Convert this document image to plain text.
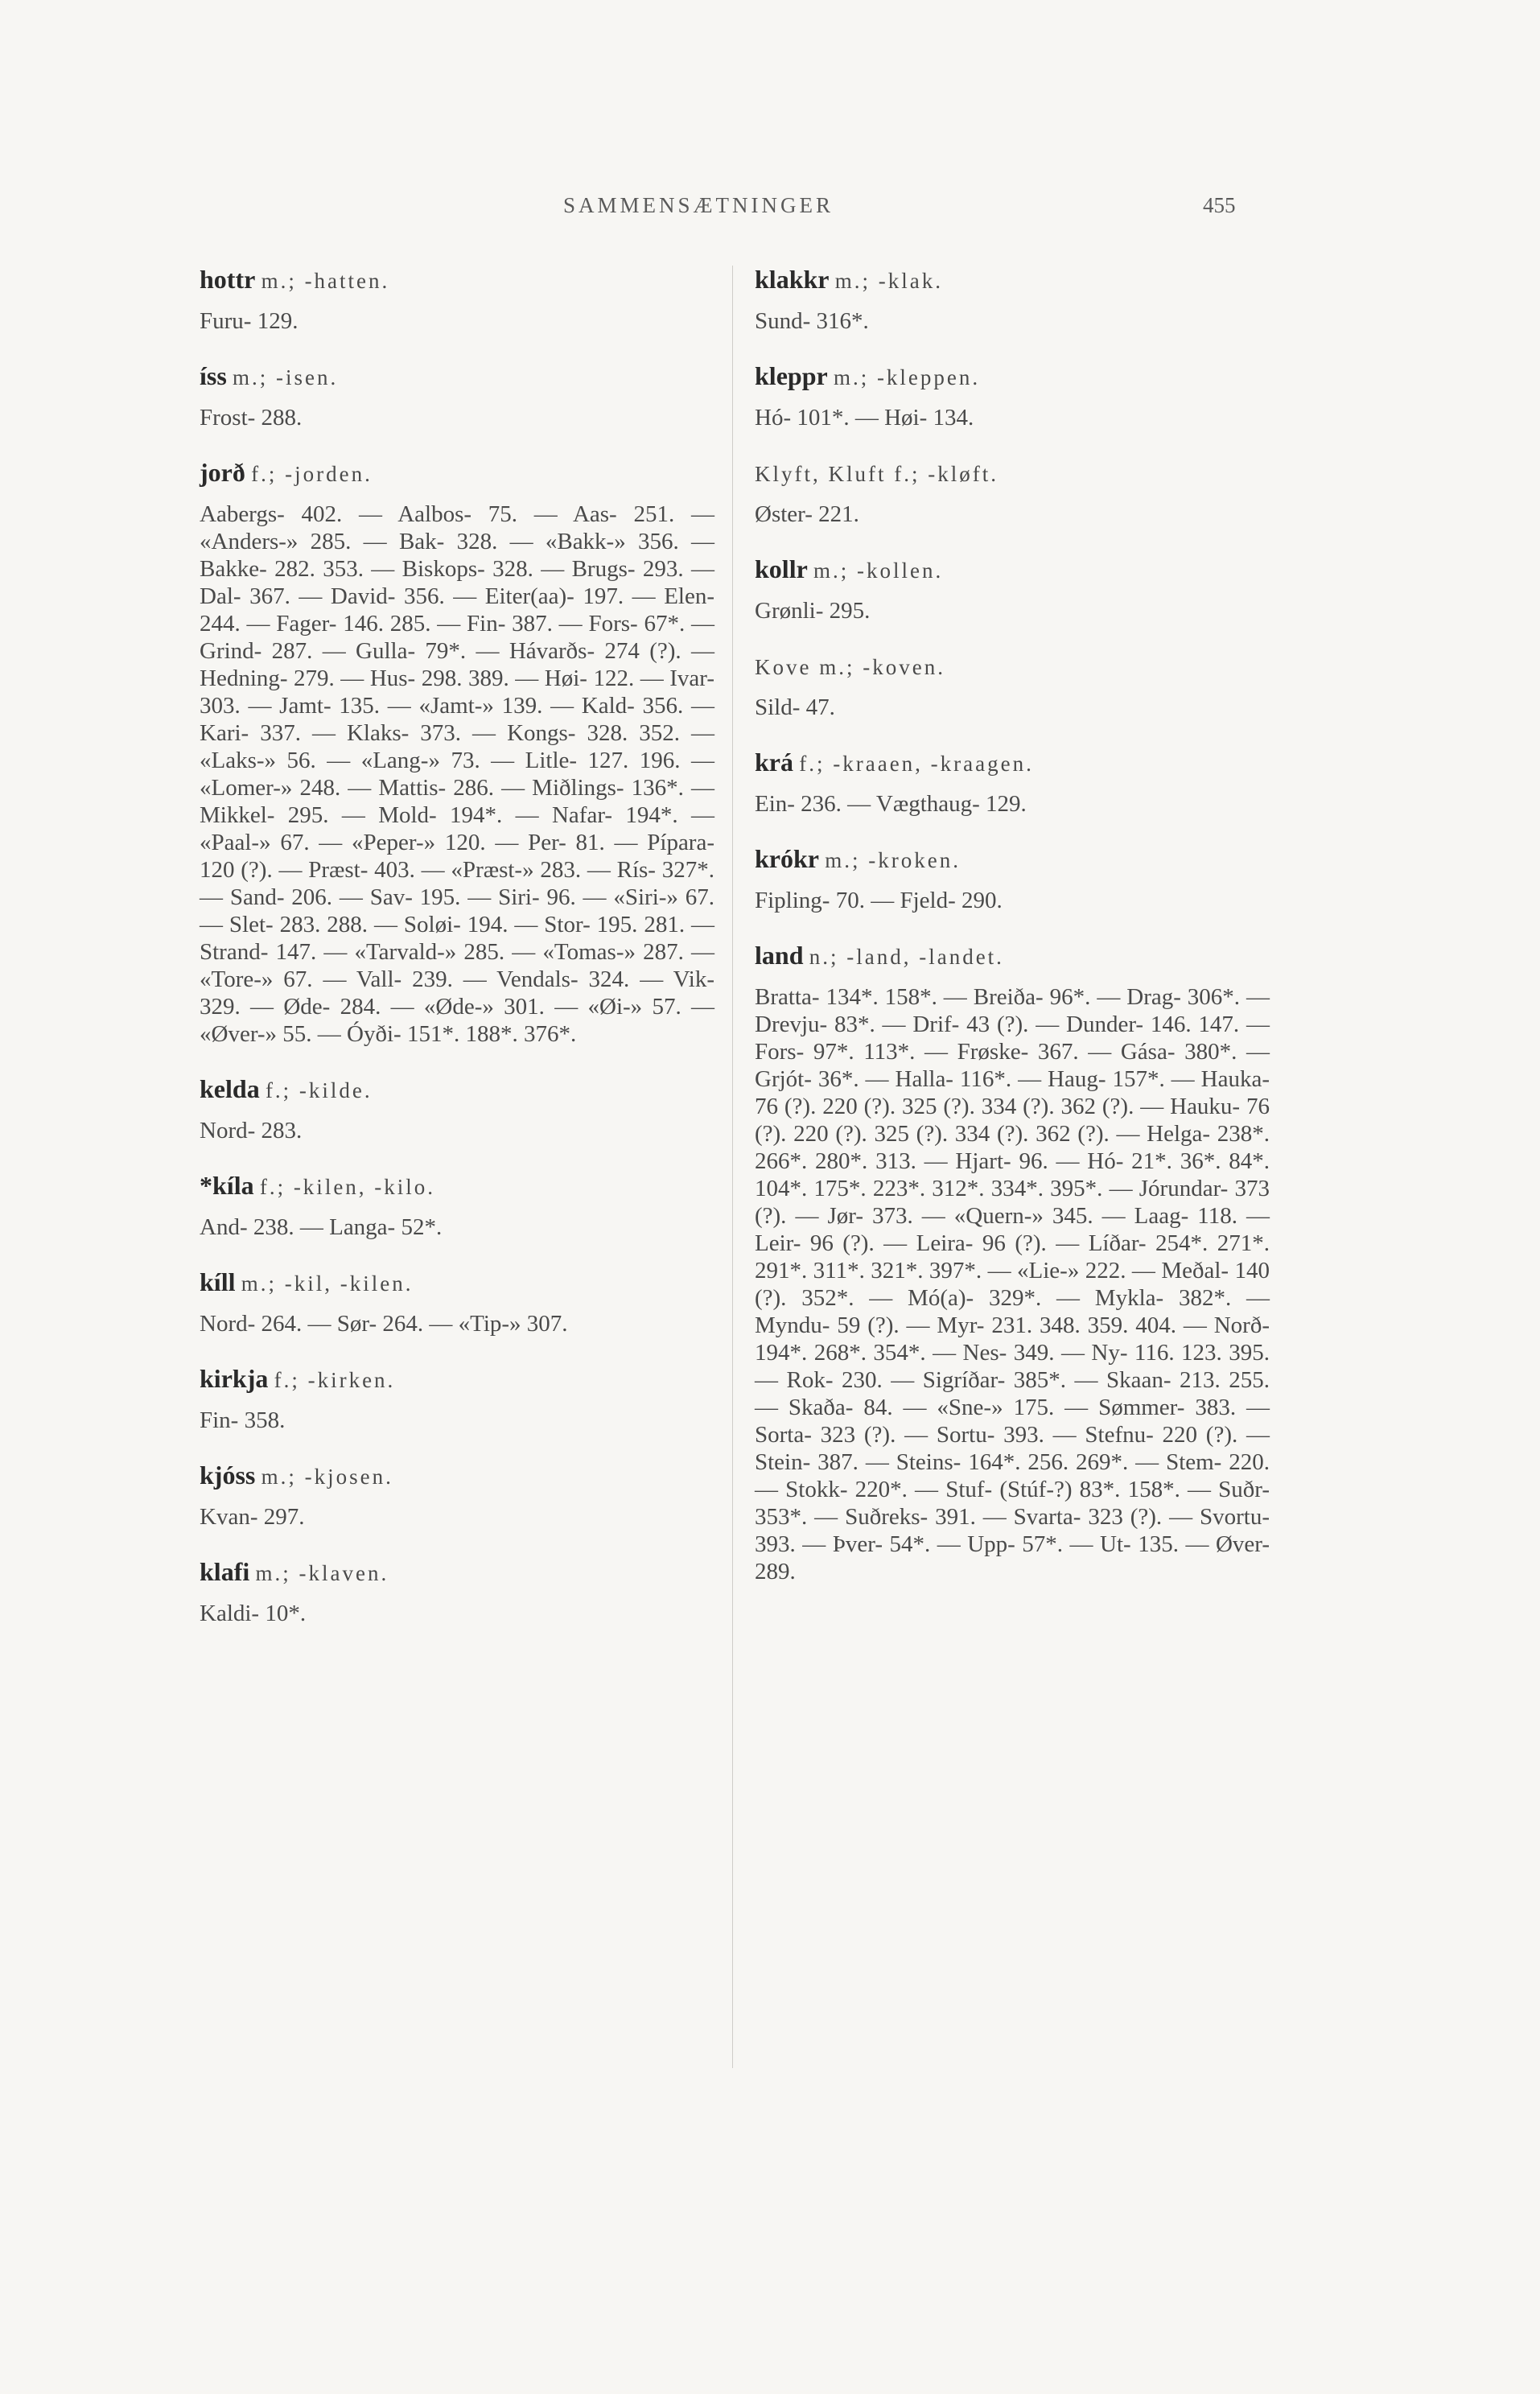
SAMMENSÆTNINGER	455

hottr m.; -hatten.

Furu- 129.

íss m.; -isen.

Frost- 288.

jorð f.; -jorden.

Aabergs- 402. — Aalbos- 75. — Aas- 251. — «Anders-» 285. — Bak- 328. — «Bakk-» 356. — Bakke- 282. 353. — Biskops- 328. — Brugs- 293. — Dal- 367. — David- 356. — Eiter(aa)- 197. — Elen- 244. — Fager- 146. 285. — Fin- 387. — Fors- 67*. — Grind- 287. — Gulla- 79*. — Hávarðs- 274 (?). — Hedning- 279. — Hus- 298. 389. — Høi- 122. — Ivar- 303. — Jamt- 135. — «Jamt-» 139. — Kald- 356. — Kari- 337. — Klaks- 373. — Kongs- 328. 352. — «Laks-» 56. — «Lang-» 73. — Litle- 127. 196. — «Lomer-» 248. — Mattis- 286. — Miðlings- 136*. — Mikkel- 295. — Mold- 194*. — Nafar- 194*. — «Paal-» 67. — «Peper-» 120. — Per- 81. — Pípara- 120 (?). — Præst- 403. — «Præst-» 283. — Rís- 327*. — Sand- 206. — Sav- 195. — Siri- 96. — «Siri-» 67. — Slet- 283. 288. — Soløi- 194. — Stor- 195. 281. — Strand- 147. — «Tarvald-» 285. — «Tomas-» 287. — «Tore-» 67. — Vall- 239. — Vendals- 324. — Vik- 329. — Øde- 284. — «Øde-» 301. — «Øi-» 57. — «Øver-» 55. — Óyði- 151*. 188*. 376*.

kelda f.; -kilde.

Nord- 283.

*kíla f.; -kilen, -kilo.

And- 238. — Langa- 52*.

kíll m.; -kil, -kilen.

Nord- 264. — Sør- 264. — «Tip-» 307.

kirkja f.; -kirken.

Fin- 358.

kjóss m.; -kjosen.

Kvan- 297.

klafi m.; -klaven.

Kaldi- 10*.

klakkr m.; -klak.

Sund- 316*.

kleppr m.; -kleppen.

Hó- 101*. — Høi- 134.

Klyft, Kluft f.; -kløft.

Øster- 221.

kollr m.; -kollen.

Grønli- 295.

Kove m.; -koven.

Sild- 47.

krá f.; -kraaen, -kraagen.

Ein- 236. — Vægthaug- 129.

krókr m.; -kroken.

Fipling- 70. — Fjeld- 290.

land n.; -land, -landet.

Bratta- 134*. 158*. — Breiða- 96*. — Drag- 306*. — Drevju- 83*. — Drif- 43 (?). — Dunder- 146. 147. — Fors- 97*. 113*. — Frøske- 367. — Gása- 380*. — Grjót- 36*. — Halla- 116*. — Haug- 157*. — Hauka- 76 (?). 220 (?). 325 (?). 334 (?). 362 (?). — Hauku- 76 (?). 220 (?). 325 (?). 334 (?). 362 (?). — Helga- 238*. 266*. 280*. 313. — Hjart- 96. — Hó- 21*. 36*. 84*. 104*. 175*. 223*. 312*. 334*. 395*. — Jórundar- 373 (?). — Jør- 373. — «Quern-» 345. — Laag- 118. — Leir- 96 (?). — Leira- 96 (?). — Líðar- 254*. 271*. 291*. 311*. 321*. 397*. — «Lie-» 222. — Meðal- 140 (?). 352*. — Mó(a)- 329*. — Mykla- 382*. — Myndu- 59 (?). — Myr- 231. 348. 359. 404. — Norð- 194*. 268*. 354*. — Nes- 349. — Ny- 116. 123. 395. — Rok- 230. — Sigríðar- 385*. — Skaan- 213. 255. — Skaða- 84. — «Sne-» 175. — Sømmer- 383. — Sorta- 323 (?). — Sortu- 393. — Stefnu- 220 (?). — Stein- 387. — Steins- 164*. 256. 269*. — Stem- 220. — Stokk- 220*. — Stuf- (Stúf-?) 83*. 158*. — Suðr- 353*. — Suðreks- 391. — Svarta- 323 (?). — Svortu- 393. — Þver- 54*. — Upp- 57*. — Ut- 135. — Øver- 289.
